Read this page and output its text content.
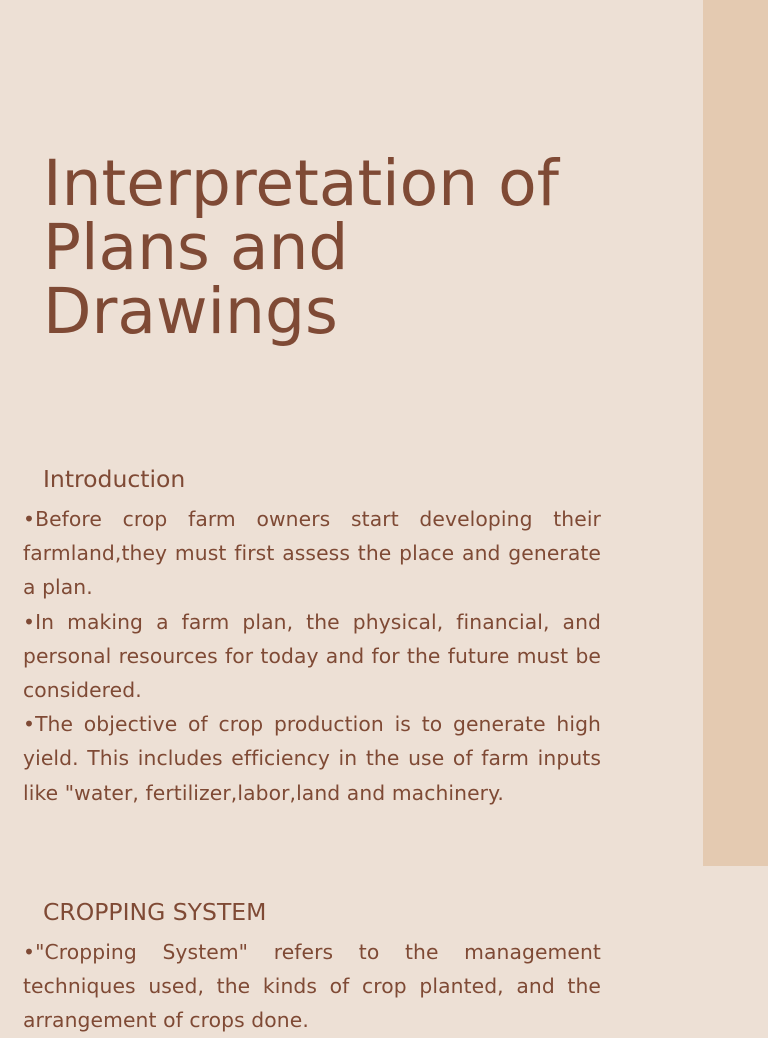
Interpretation of
Plans and
Drawings
Introduction
•Before crop farm owners start developing their farmland,they must first assess the place and generate a plan.
•In making a farm plan, the physical, financial, and personal resources for today and for the future must be considered.
•The objective of crop production is to generate high yield. This includes efficiency in the use of farm inputs like "water, fertilizer,labor,land and machinery.
CROPPING SYSTEM
•"Cropping System" refers to the management techniques used, the kinds of crop planted, and the arrangement of crops done.
